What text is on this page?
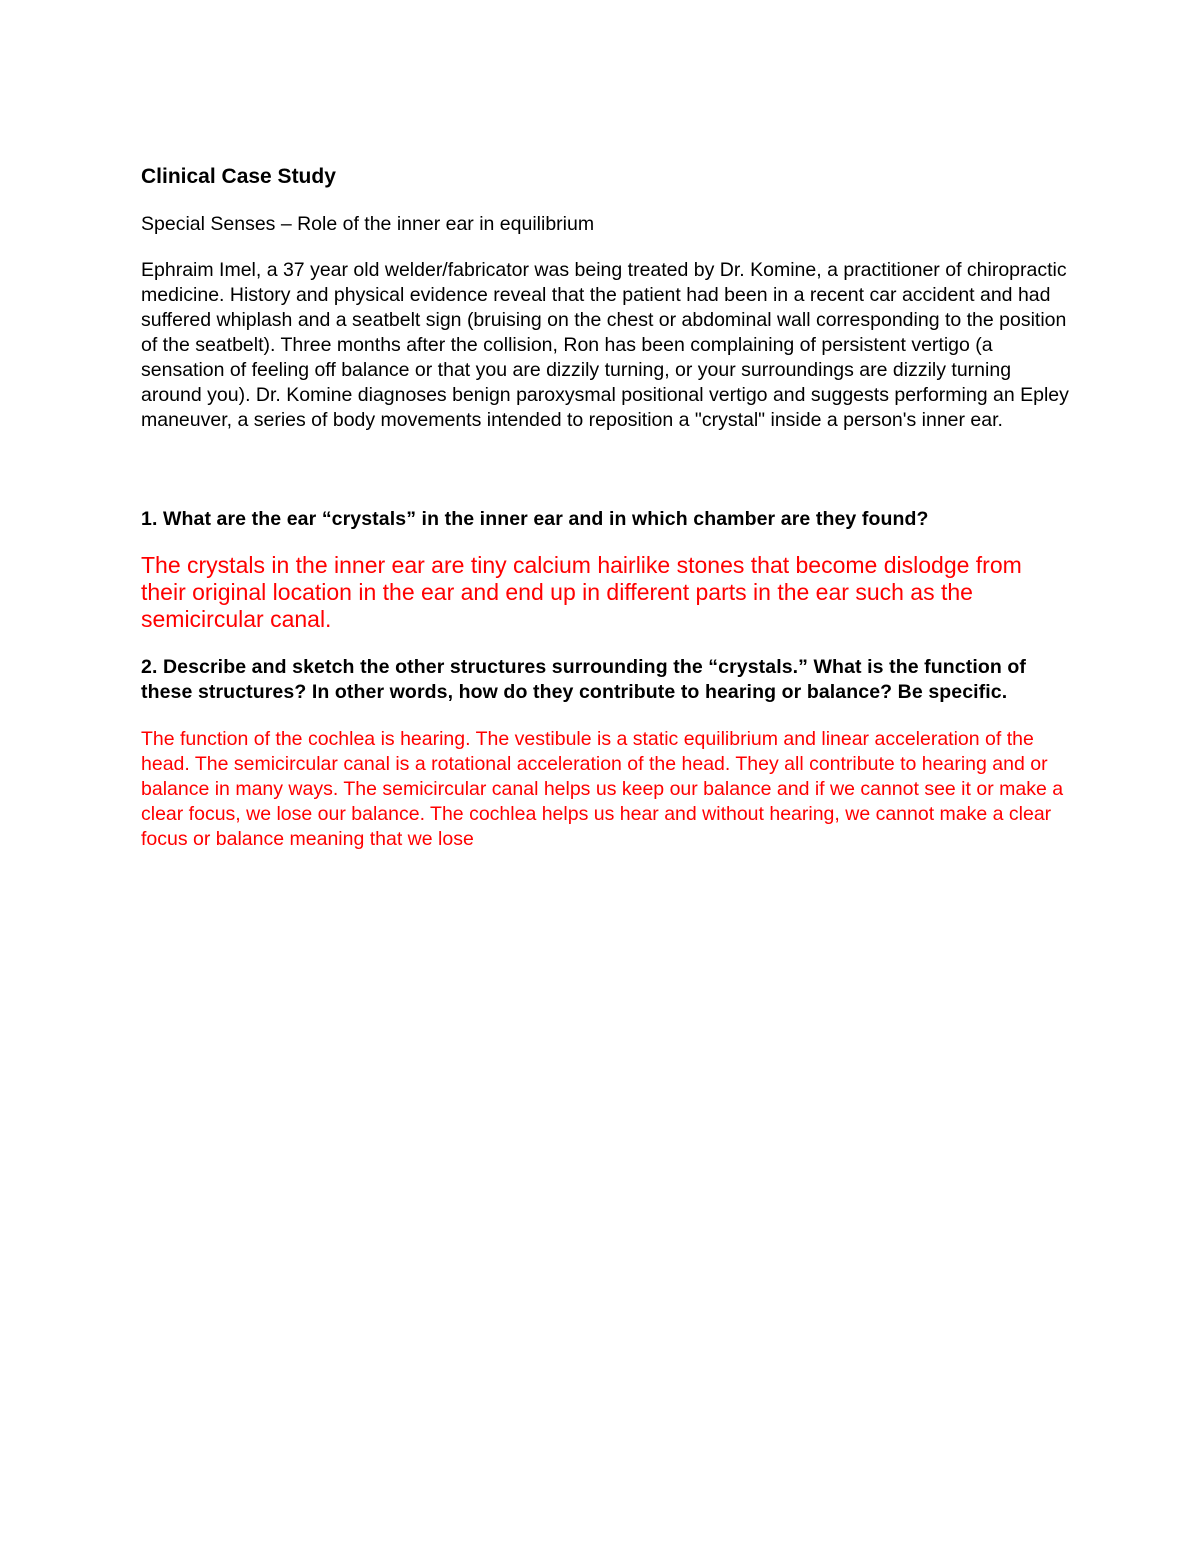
Clinical Case Study
Special Senses – Role of the inner ear in equilibrium
Ephraim Imel, a 37 year old welder/fabricator was being treated by Dr. Komine, a practitioner of chiropractic medicine. History and physical evidence reveal that the patient had been in a recent car accident and had suffered whiplash and a seatbelt sign (bruising on the chest or abdominal wall corresponding to the position of the seatbelt). Three months after the collision, Ron has been complaining of persistent vertigo (a sensation of feeling off balance or that you are dizzily turning, or your surroundings are dizzily turning around you). Dr. Komine diagnoses benign paroxysmal positional vertigo and suggests performing an Epley maneuver, a series of body movements intended to reposition a "crystal" inside a person's inner ear.
1. What are the ear “crystals” in the inner ear and in which chamber are they found?
The crystals in the inner ear are tiny calcium hairlike stones that become dislodge from their original location in the ear and end up in different parts in the ear such as the semicircular canal.
2. Describe and sketch the other structures surrounding the “crystals.” What is the function of these structures? In other words, how do they contribute to hearing or balance? Be specific.
The function of the cochlea is hearing. The vestibule is a static equilibrium and linear acceleration of the head. The semicircular canal is a rotational acceleration of the head. They all contribute to hearing and or balance in many ways. The semicircular canal helps us keep our balance and if we cannot see it or make a clear focus, we lose our balance. The cochlea helps us hear and without hearing, we cannot make a clear focus or balance meaning that we lose
